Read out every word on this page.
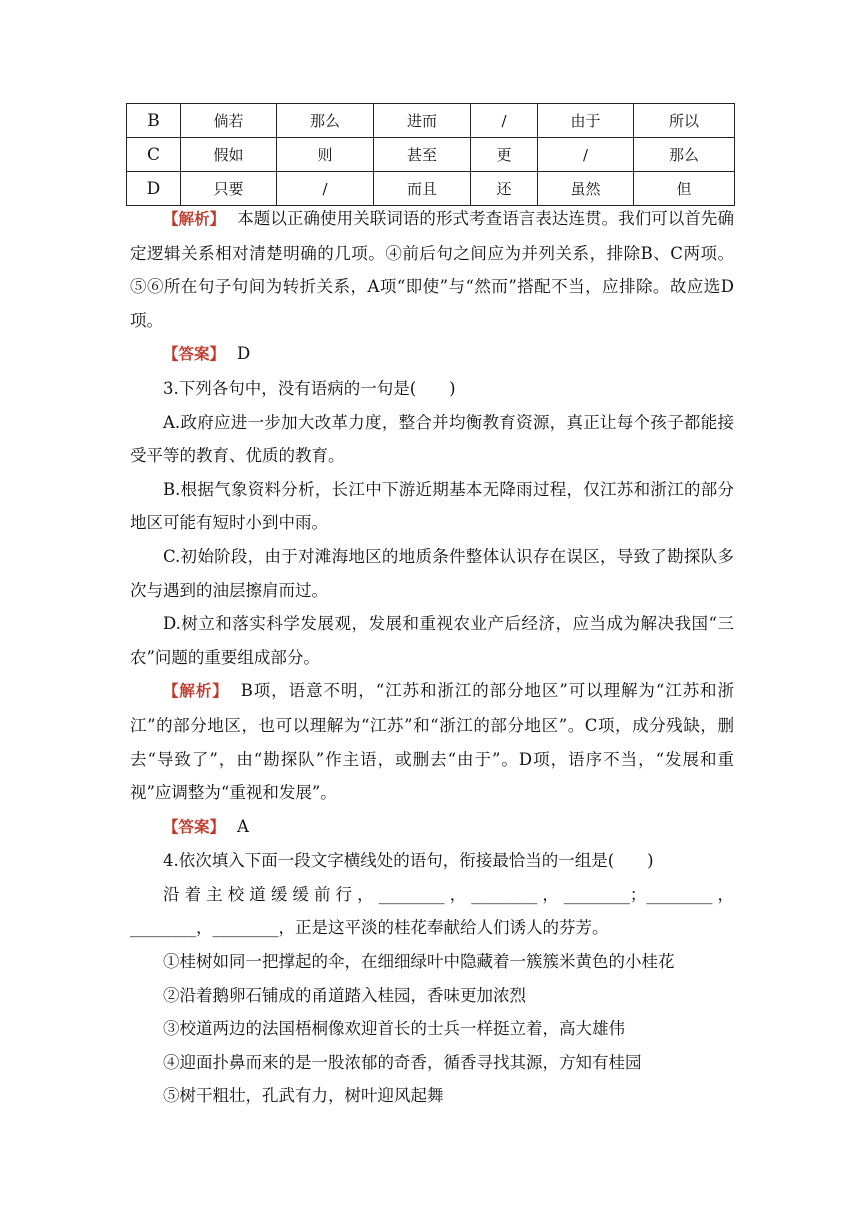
B	倘若	那么	进而	/	由于	所以
C	假如	则	甚至	更	/	那么
D	只要	/	而且	还	虽然	但

【解析】 本题以正确使用关联词语的形式考查语言表达连贯。我们可以首先确定逻辑关系相对清楚明确的几项。④前后句之间应为并列关系，排除B、C两项。⑤⑥所在句子句间为转折关系，A项“即使”与“然而”搭配不当，应排除。故应选D项。

【答案】 D

3.下列各句中，没有语病的一句是(　　)

A.政府应进一步加大改革力度，整合并均衡教育资源，真正让每个孩子都能接受平等的教育、优质的教育。

B.根据气象资料分析，长江中下游近期基本无降雨过程，仅江苏和浙江的部分地区可能有短时小到中雨。

C.初始阶段，由于对滩海地区的地质条件整体认识存在误区，导致了勘探队多次与遇到的油层擦肩而过。

D.树立和落实科学发展观，发展和重视农业产后经济，应当成为解决我国“三农”问题的重要组成部分。

【解析】 B项，语意不明，“江苏和浙江的部分地区”可以理解为“江苏和浙江”的部分地区，也可以理解为“江苏”和“浙江的部分地区”。C项，成分残缺，删去“导致了”，由“勘探队”作主语，或删去“由于”。D项，语序不当，“发展和重视”应调整为“重视和发展”。

【答案】 A

4.依次填入下面一段文字横线处的语句，衔接最恰当的一组是(　　)

沿着主校道缓缓前行，________，________，________；________，________，________，正是这平淡的桂花奉献给人们诱人的芬芳。

①桂树如同一把撑起的伞，在细细绿叶中隐藏着一簇簇米黄色的小桂花

②沿着鹅卵石铺成的甬道踏入桂园，香味更加浓烈

③校道两边的法国梧桐像欢迎首长的士兵一样挺立着，高大雄伟

④迎面扑鼻而来的是一股浓郁的奇香，循香寻找其源，方知有桂园

⑤树干粗壮，孔武有力，树叶迎风起舞
